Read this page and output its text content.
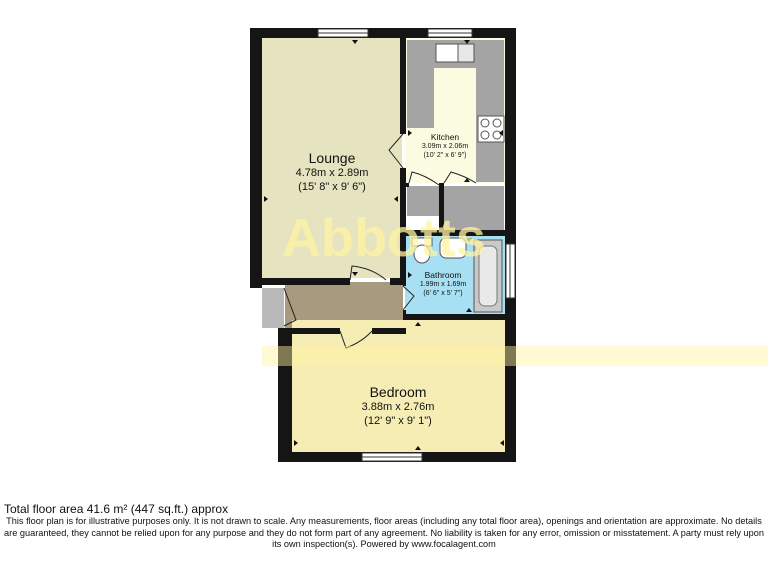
Abbotts
Lounge
4.78m x 2.89m
(15' 8" x 9' 6")
Kitchen
3.09m x 2.06m
(10' 2" x 6' 9")
Bathroom
1.99m x 1.69m
(6' 6" x 5' 7")
Bedroom
3.88m x 2.76m
(12' 9" x 9' 1")
Total floor area 41.6 m² (447 sq.ft.) approx
This floor plan is for illustrative purposes only. It is not drawn to scale. Any measurements, floor areas (including any total floor area), openings and orientation are approximate. No details are guaranteed, they cannot be relied upon for any purpose and they do not form part of any agreement. No liability is taken for any error, omission or misstatement. A party must rely upon its own inspection(s). Powered by www.focalagent.com
